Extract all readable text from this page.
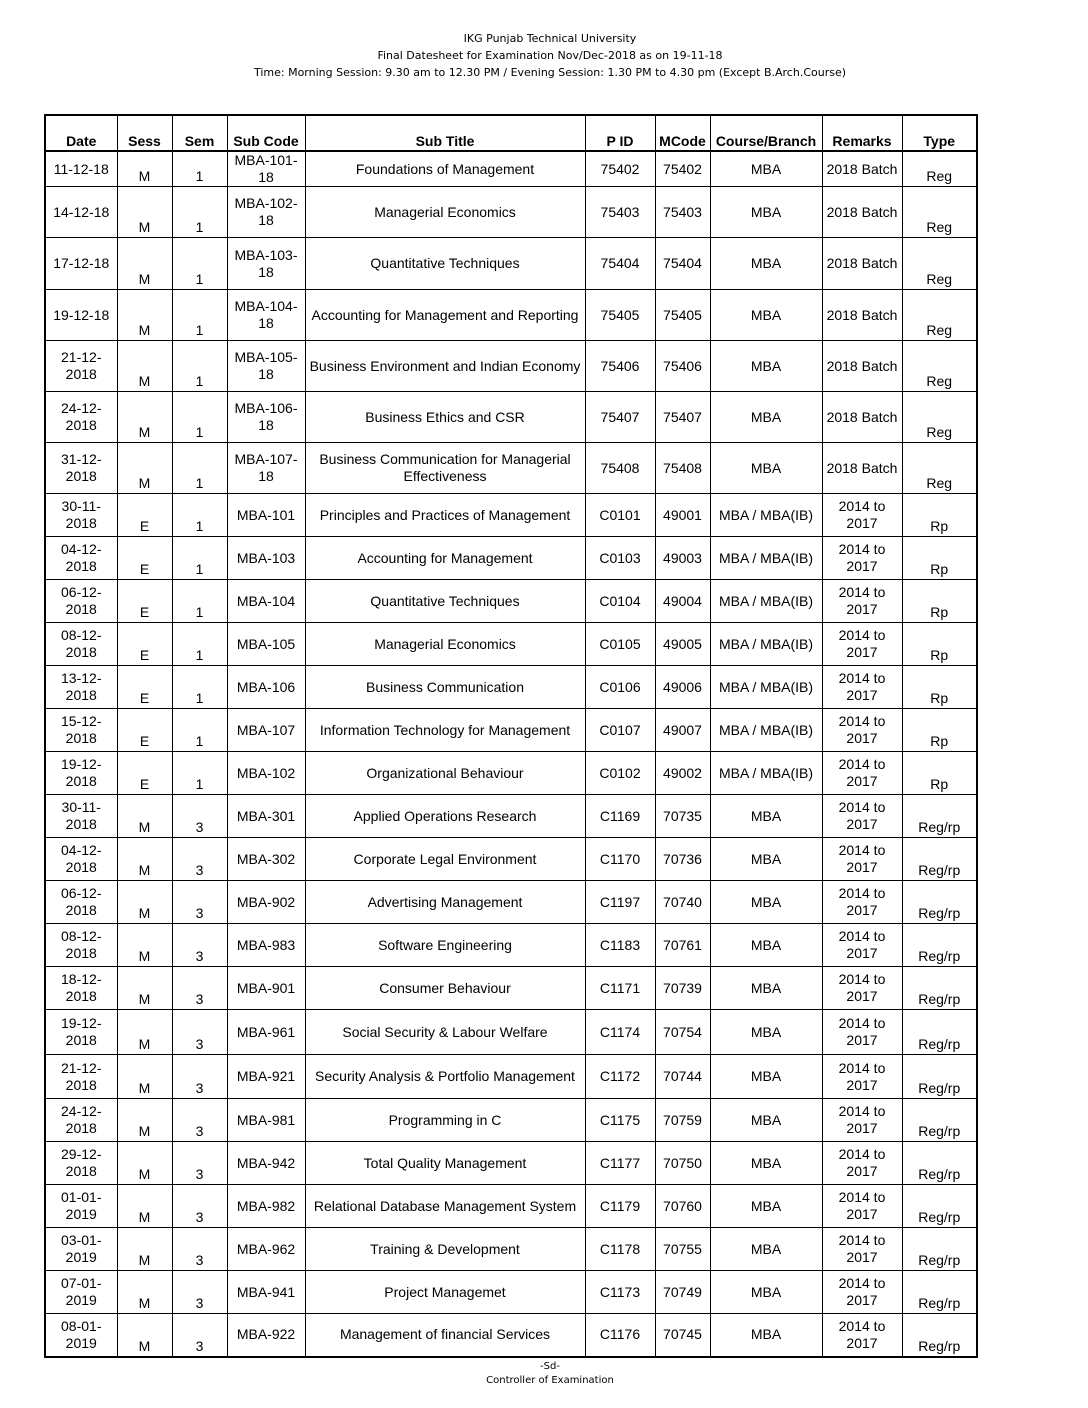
IKG Punjab Technical University
Final Datesheet for Examination Nov/Dec-2018 as on 19-11-18
Time: Morning Session: 9.30 am to 12.30 PM / Evening Session: 1.30 PM to 4.30 pm (Except B.Arch.Course)
Date	Sess	Sem	Sub Code	Sub Title	P ID	MCode	Course/Branch	Remarks	Type
11-12-18	M	1	MBA-101-18	Foundations of Management	75402	75402	MBA	2018 Batch	Reg
14-12-18	M	1	MBA-102-18	Managerial Economics	75403	75403	MBA	2018 Batch	Reg
17-12-18	M	1	MBA-103-18	Quantitative Techniques	75404	75404	MBA	2018 Batch	Reg
19-12-18	M	1	MBA-104-18	Accounting for Management and Reporting	75405	75405	MBA	2018 Batch	Reg
21-12-2018	M	1	MBA-105-18	Business Environment and Indian Economy	75406	75406	MBA	2018 Batch	Reg
24-12-2018	M	1	MBA-106-18	Business Ethics and CSR	75407	75407	MBA	2018 Batch	Reg
31-12-2018	M	1	MBA-107-18	Business Communication for Managerial Effectiveness	75408	75408	MBA	2018 Batch	Reg
30-11-2018	E	1	MBA-101	Principles and Practices of Management	C0101	49001	MBA / MBA(IB)	2014 to 2017	Rp
04-12-2018	E	1	MBA-103	Accounting for Management	C0103	49003	MBA / MBA(IB)	2014 to 2017	Rp
06-12-2018	E	1	MBA-104	Quantitative Techniques	C0104	49004	MBA / MBA(IB)	2014 to 2017	Rp
08-12-2018	E	1	MBA-105	Managerial Economics	C0105	49005	MBA / MBA(IB)	2014 to 2017	Rp
13-12-2018	E	1	MBA-106	Business Communication	C0106	49006	MBA / MBA(IB)	2014 to 2017	Rp
15-12-2018	E	1	MBA-107	Information Technology for Management	C0107	49007	MBA / MBA(IB)	2014 to 2017	Rp
19-12-2018	E	1	MBA-102	Organizational Behaviour	C0102	49002	MBA / MBA(IB)	2014 to 2017	Rp
30-11-2018	M	3	MBA-301	Applied Operations Research	C1169	70735	MBA	2014 to 2017	Reg/rp
04-12-2018	M	3	MBA-302	Corporate Legal Environment	C1170	70736	MBA	2014 to 2017	Reg/rp
06-12-2018	M	3	MBA-902	Advertising Management	C1197	70740	MBA	2014 to 2017	Reg/rp
08-12-2018	M	3	MBA-983	Software Engineering	C1183	70761	MBA	2014 to 2017	Reg/rp
18-12-2018	M	3	MBA-901	Consumer Behaviour	C1171	70739	MBA	2014 to 2017	Reg/rp
19-12-2018	M	3	MBA-961	Social Security & Labour Welfare	C1174	70754	MBA	2014 to 2017	Reg/rp
21-12-2018	M	3	MBA-921	Security Analysis & Portfolio Management	C1172	70744	MBA	2014 to 2017	Reg/rp
24-12-2018	M	3	MBA-981	Programming in C	C1175	70759	MBA	2014 to 2017	Reg/rp
29-12-2018	M	3	MBA-942	Total Quality Management	C1177	70750	MBA	2014 to 2017	Reg/rp
01-01-2019	M	3	MBA-982	Relational Database Management System	C1179	70760	MBA	2014 to 2017	Reg/rp
03-01-2019	M	3	MBA-962	Training & Development	C1178	70755	MBA	2014 to 2017	Reg/rp
07-01-2019	M	3	MBA-941	Project Managemet	C1173	70749	MBA	2014 to 2017	Reg/rp
08-01-2019	M	3	MBA-922	Management of financial Services	C1176	70745	MBA	2014 to 2017	Reg/rp
-Sd-
Controller of Examination
